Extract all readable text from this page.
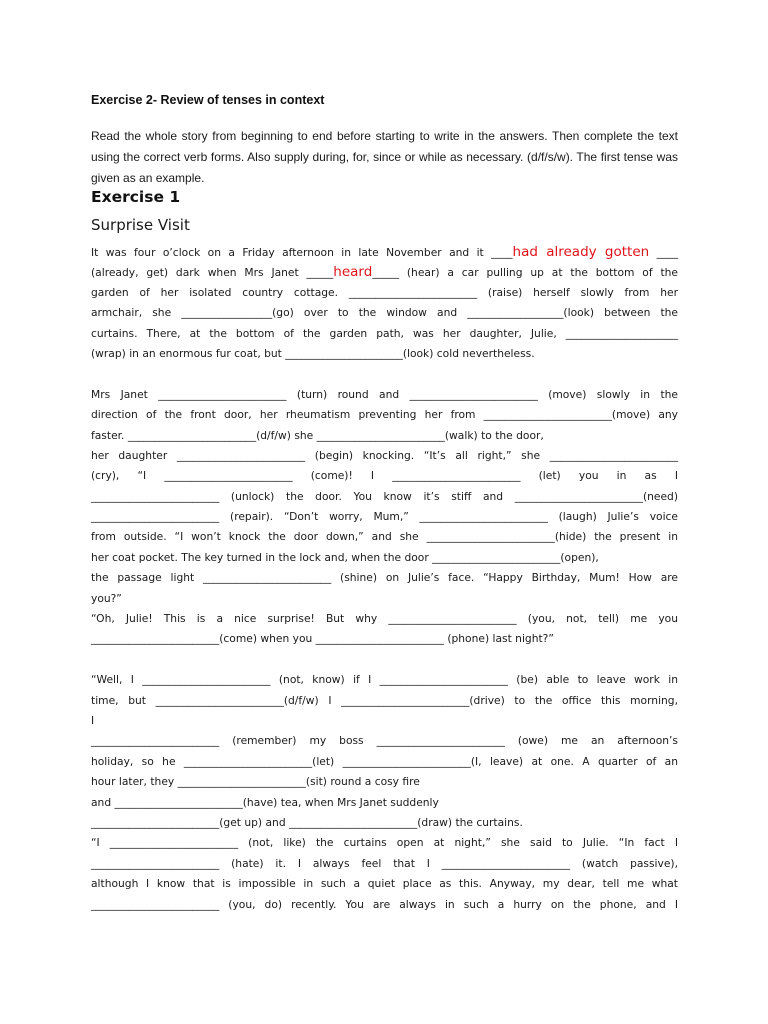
Exercise 2- Review of tenses in context
Read the whole story from beginning to end before starting to write in the answers. Then complete the text using the correct verb forms. Also supply during, for, since or while as necessary. (d/f/s/w). The first tense was given as an example.
Exercise 1
Surprise Visit
It was four o’clock on a Friday afternoon in late November and it ____had already gotten ____
(already, get) dark when Mrs Janet _____heard_____ (hear) a car pulling up at the bottom of the
garden of her isolated country cottage. ________________________ (raise) herself slowly from her
armchair, she _________________(go) over to the window and __________________(look) between the
curtains. There, at the bottom of the garden path, was her daughter, Julie, _____________________
(wrap) in an enormous fur coat, but ______________________(look) cold nevertheless.
Mrs Janet ________________________ (turn) round and ________________________ (move) slowly in the
direction of the front door, her rheumatism preventing her from ________________________(move) any
faster. ________________________(d/f/w) she ________________________(walk) to the door,
her daughter ________________________ (begin) knocking. “It’s all right,” she ________________________
(cry), “I ________________________ (come)! I ________________________ (let) you in as I
________________________ (unlock) the door. You know it’s stiff and ________________________(need)
________________________ (repair). “Don’t worry, Mum,” ________________________ (laugh) Julie’s voice
from outside. “I won’t knock the door down,” and she ________________________(hide) the present in
her coat pocket. The key turned in the lock and, when the door ________________________(open),
the passage light ________________________ (shine) on Julie’s face. “Happy Birthday, Mum! How are
you?”
“Oh, Julie! This is a nice surprise! But why ________________________ (you, not, tell) me you
________________________(come) when you ________________________ (phone) last night?”
“Well, I ________________________ (not, know) if I ________________________ (be) able to leave work in
time, but ________________________(d/f/w) I ________________________(drive) to the office this morning,
I
________________________ (remember) my boss ________________________ (owe) me an afternoon’s
holiday, so he ________________________(let) ________________________(I, leave) at one. A quarter of an
hour later, they ________________________(sit) round a cosy fire
and ________________________(have) tea, when Mrs Janet suddenly
________________________(get up) and ________________________(draw) the curtains.
“I ________________________ (not, like) the curtains open at night,” she said to Julie. “In fact I
________________________ (hate) it. I always feel that I ________________________ (watch passive),
although I know that is impossible in such a quiet place as this. Anyway, my dear, tell me what
________________________ (you, do) recently. You are always in such a hurry on the phone, and I
